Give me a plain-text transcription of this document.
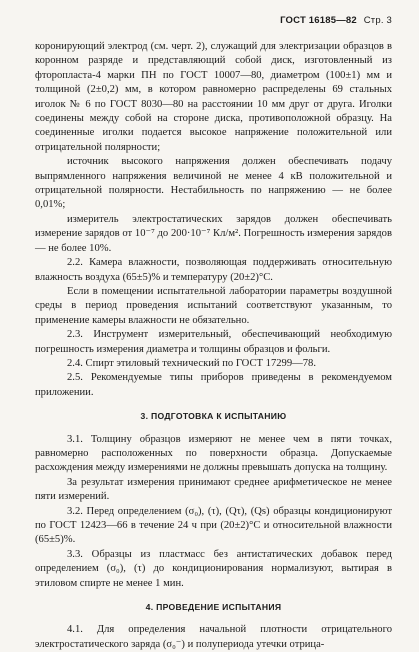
ГОСТ 16185—82 Стр. 3

коронирующий электрод (см. черт. 2), служащий для электризации образцов в коронном разряде и представляющий собой диск, изготовленный из фторопласта-4 марки ПН по ГОСТ 10007—80, диаметром (100±1) мм и толщиной (2±0,2) мм, в котором равномерно распределены 69 стальных иголок № 6 по ГОСТ 8030—80 на расстоянии 10 мм друг от друга. Иголки соединены между собой на стороне диска, противоположной образцу. На соединенные иголки подается высокое напряжение положительной или отрицательной полярности;

источник высокого напряжения должен обеспечивать подачу выпрямленного напряжения величиной не менее 4 кВ положительной и отрицательной полярности. Нестабильность по напряжению — не более 0,01%;

измеритель электростатических зарядов должен обеспечивать измерение зарядов от 10⁻⁷ до 200·10⁻⁷ Кл/м². Погрешность измерения зарядов — не более 10%.

2.2. Камера влажности, позволяющая поддерживать относительную влажность воздуха (65±5)% и температуру (20±2)°С.

Если в помещении испытательной лаборатории параметры воздушной среды в период проведения испытаний соответствуют указанным, то применение камеры влажности не обязательно.

2.3. Инструмент измерительный, обеспечивающий необходимую погрешность измерения диаметра и толщины образцов и фольги.

2.4. Спирт этиловый технический по ГОСТ 17299—78.

2.5. Рекомендуемые типы приборов приведены в рекомендуемом приложении.

3. ПОДГОТОВКА К ИСПЫТАНИЮ

3.1. Толщину образцов измеряют не менее чем в пяти точках, равномерно расположенных по поверхности образца. Допускаемые расхождения между измерениями не должны превышать допуска на толщину.

За результат измерения принимают среднее арифметическое не менее пяти измерений.

3.2. Перед определением (σ₀), (τ), (Qτ), (Qs) образцы кондиционируют по ГОСТ 12423—66 в течение 24 ч при (20±2)°С и относительной влажности (65±5)%.

3.3. Образцы из пластмасс без антистатических добавок перед определением (σ₀), (τ) до кондиционирования нормализуют, вытирая в этиловом спирте не менее 1 мин.

4. ПРОВЕДЕНИЕ ИСПЫТАНИЯ

4.1. Для определения начальной плотности отрицательного электростатического заряда (σ₀⁻) и полупериода утечки отрица-
